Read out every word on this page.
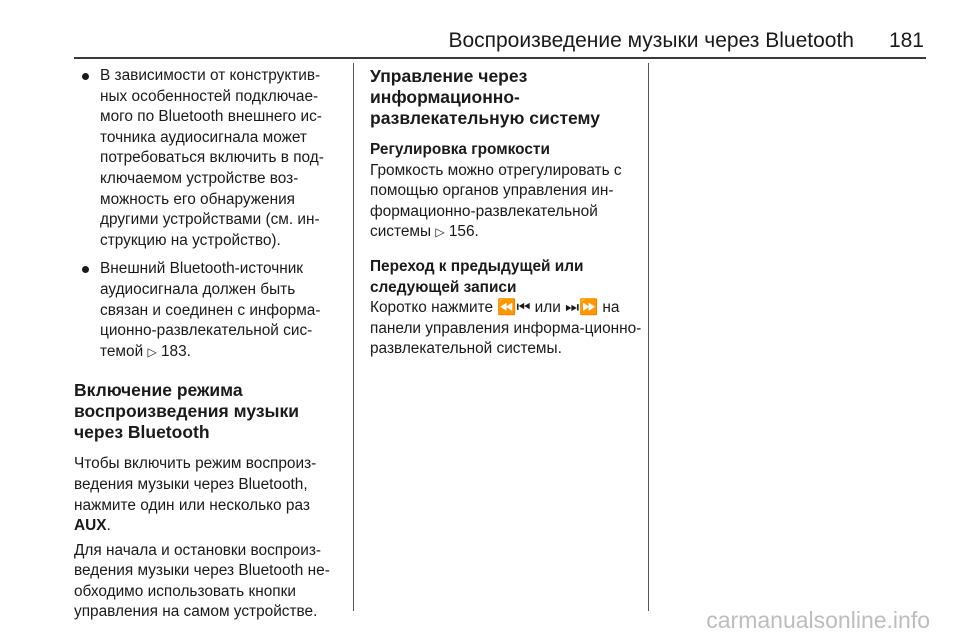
Воспроизведение музыки через Bluetooth 181
В зависимости от конструктив-ных особенностей подключае-мого по Bluetooth внешнего ис-точника аудиосигнала может потребоваться включить в под-ключаемом устройстве воз-можность его обнаружения другими устройствами (см. ин-струкцию на устройство).
Внешний Bluetooth-источник аудиосигнала должен быть связан и соединен с информа-ционно-развлекательной сис-темой ▷ 183.
Включение режима воспроизведения музыки через Bluetooth

Чтобы включить режим воспроиз-ведения музыки через Bluetooth, нажмите один или несколько раз AUX.

Для начала и остановки воспроиз-ведения музыки через Bluetooth не-обходимо использовать кнопки управления на самом устройстве.

Управление через информационно-развлекательную систему
Регулировка громкости

Громкость можно отрегулировать с помощью органов управления ин-формационно-развлекательной системы ▷ 156.

Переход к предыдущей или следующей записи

Коротко нажмите ⏪⏮ или ⏭⏩ на панели управления информа-ционно-развлекательной системы.

carmanualsonline.info
